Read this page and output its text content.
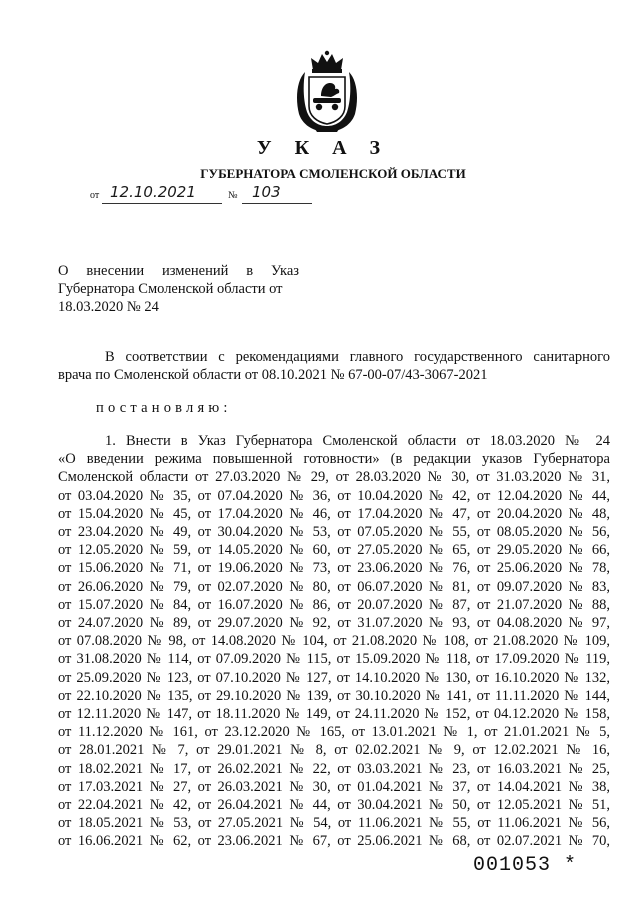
У К А З
ГУБЕРНАТОРА СМОЛЕНСКОЙ ОБЛАСТИ
от 12.10.2021	№ 103
О внесении изменений в Указ
Губернатора Смоленской области от
18.03.2020 № 24
В соответствии с рекомендациями главного государственного санитарного
врача по Смоленской области от 08.10.2021 № 67-00-07/43-3067-2021
постановляю:
1. Внести в Указ Губернатора Смоленской области от 18.03.2020 № 24
«О введении режима повышенной готовности» (в редакции указов Губернатора
Смоленской области от 27.03.2020 № 29, от 28.03.2020 № 30, от 31.03.2020 № 31,
от 03.04.2020 № 35, от 07.04.2020 № 36, от 10.04.2020 № 42, от 12.04.2020 № 44,
от 15.04.2020 № 45, от 17.04.2020 № 46, от 17.04.2020 № 47, от 20.04.2020 № 48,
от 23.04.2020 № 49, от 30.04.2020 № 53, от 07.05.2020 № 55, от 08.05.2020 № 56,
от 12.05.2020 № 59, от 14.05.2020 № 60, от 27.05.2020 № 65, от 29.05.2020 № 66,
от 15.06.2020 № 71, от 19.06.2020 № 73, от 23.06.2020 № 76, от 25.06.2020 № 78,
от 26.06.2020 № 79, от 02.07.2020 № 80, от 06.07.2020 № 81, от 09.07.2020 № 83,
от 15.07.2020 № 84, от 16.07.2020 № 86, от 20.07.2020 № 87, от 21.07.2020 № 88,
от 24.07.2020 № 89, от 29.07.2020 № 92, от 31.07.2020 № 93, от 04.08.2020 № 97,
от 07.08.2020 № 98, от 14.08.2020 № 104, от 21.08.2020 № 108, от 21.08.2020 № 109,
от 31.08.2020 № 114, от 07.09.2020 № 115, от 15.09.2020 № 118, от 17.09.2020 № 119,
от 25.09.2020 № 123, от 07.10.2020 № 127, от 14.10.2020 № 130, от 16.10.2020 № 132,
от 22.10.2020 № 135, от 29.10.2020 № 139, от 30.10.2020 № 141, от 11.11.2020 № 144,
от 12.11.2020 № 147, от 18.11.2020 № 149, от 24.11.2020 № 152, от 04.12.2020 № 158,
от 11.12.2020 № 161, от 23.12.2020 № 165, от 13.01.2021 № 1, от 21.01.2021 № 5,
от 28.01.2021 № 7, от 29.01.2021 № 8, от 02.02.2021 № 9, от 12.02.2021 № 16,
от 18.02.2021 № 17, от 26.02.2021 № 22, от 03.03.2021 № 23, от 16.03.2021 № 25,
от 17.03.2021 № 27, от 26.03.2021 № 30, от 01.04.2021 № 37, от 14.04.2021 № 38,
от 22.04.2021 № 42, от 26.04.2021 № 44, от 30.04.2021 № 50, от 12.05.2021 № 51,
от 18.05.2021 № 53, от 27.05.2021 № 54, от 11.06.2021 № 55, от 11.06.2021 № 56,
от 16.06.2021 № 62, от 23.06.2021 № 67, от 25.06.2021 № 68, от 02.07.2021 № 70,
001053 *
